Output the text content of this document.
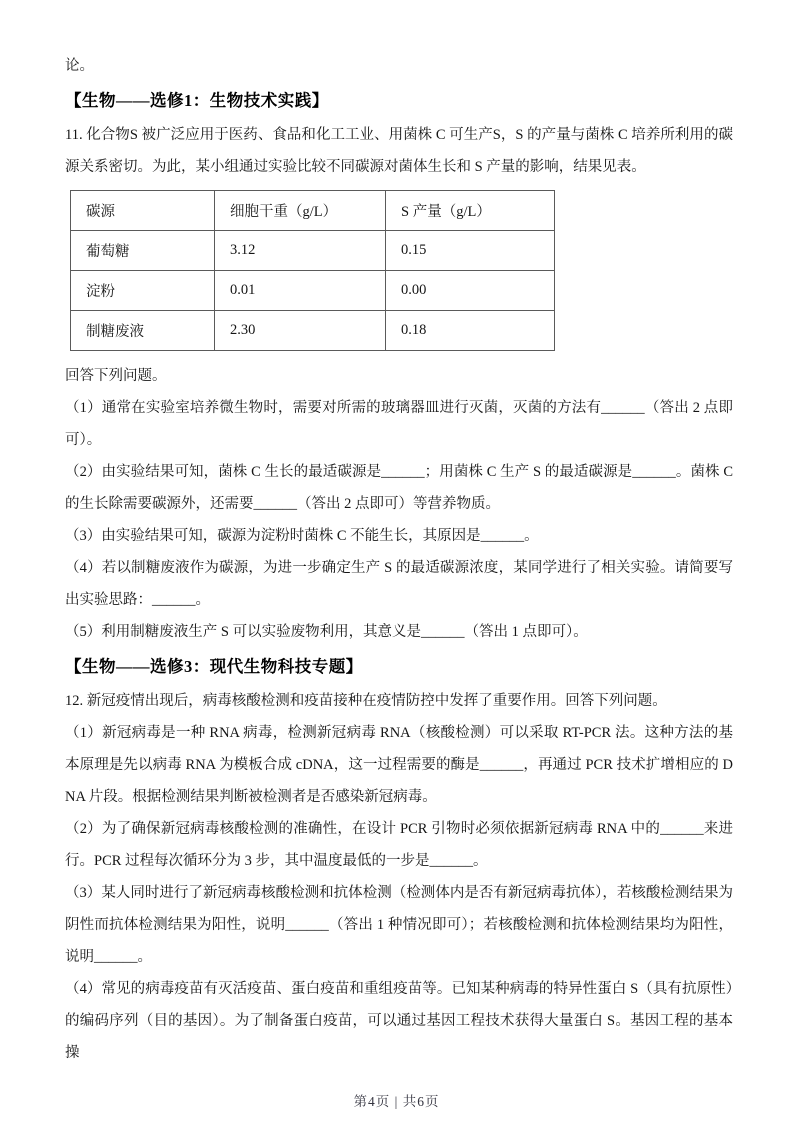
论。

【生物——选修1：生物技术实践】

11. 化合物S 被广泛应用于医药、食品和化工工业、用菌株 C 可生产S，S 的产量与菌株 C 培养所利用的碳源关系密切。为此，某小组通过实验比较不同碳源对菌体生长和 S 产量的影响，结果见表。

碳源	细胞干重（g/L）	S 产量（g/L）
葡萄糖	3.12	0.15
淀粉	0.01	0.00
制糖废液	2.30	0.18

回答下列问题。

（1）通常在实验室培养微生物时，需要对所需的玻璃器皿进行灭菌，灭菌的方法有______（答出 2 点即可）。

（2）由实验结果可知，菌株 C 生长的最适碳源是______；用菌株 C 生产 S 的最适碳源是______。菌株 C 的生长除需要碳源外，还需要______（答出 2 点即可）等营养物质。

（3）由实验结果可知，碳源为淀粉时菌株 C 不能生长，其原因是______。

（4）若以制糖废液作为碳源，为进一步确定生产 S 的最适碳源浓度，某同学进行了相关实验。请简要写出实验思路：______。

（5）利用制糖废液生产 S 可以实验废物利用，其意义是______（答出 1 点即可）。

【生物——选修3：现代生物科技专题】

12. 新冠疫情出现后，病毒核酸检测和疫苗接种在疫情防控中发挥了重要作用。回答下列问题。

（1）新冠病毒是一种 RNA 病毒，检测新冠病毒 RNA（核酸检测）可以采取 RT-PCR 法。这种方法的基本原理是先以病毒 RNA 为模板合成 cDNA，这一过程需要的酶是______，再通过 PCR 技术扩增相应的 DNA 片段。根据检测结果判断被检测者是否感染新冠病毒。

（2）为了确保新冠病毒核酸检测的准确性，在设计 PCR 引物时必须依据新冠病毒 RNA 中的______来进行。PCR 过程每次循环分为 3 步，其中温度最低的一步是______。

（3）某人同时进行了新冠病毒核酸检测和抗体检测（检测体内是否有新冠病毒抗体），若核酸检测结果为阴性而抗体检测结果为阳性，说明______（答出 1 种情况即可）；若核酸检测和抗体检测结果均为阳性，说明______。

（4）常见的病毒疫苗有灭活疫苗、蛋白疫苗和重组疫苗等。已知某种病毒的特异性蛋白 S（具有抗原性）的编码序列（目的基因）。为了制备蛋白疫苗，可以通过基因工程技术获得大量蛋白 S。基因工程的基本操

第4页 | 共6页
